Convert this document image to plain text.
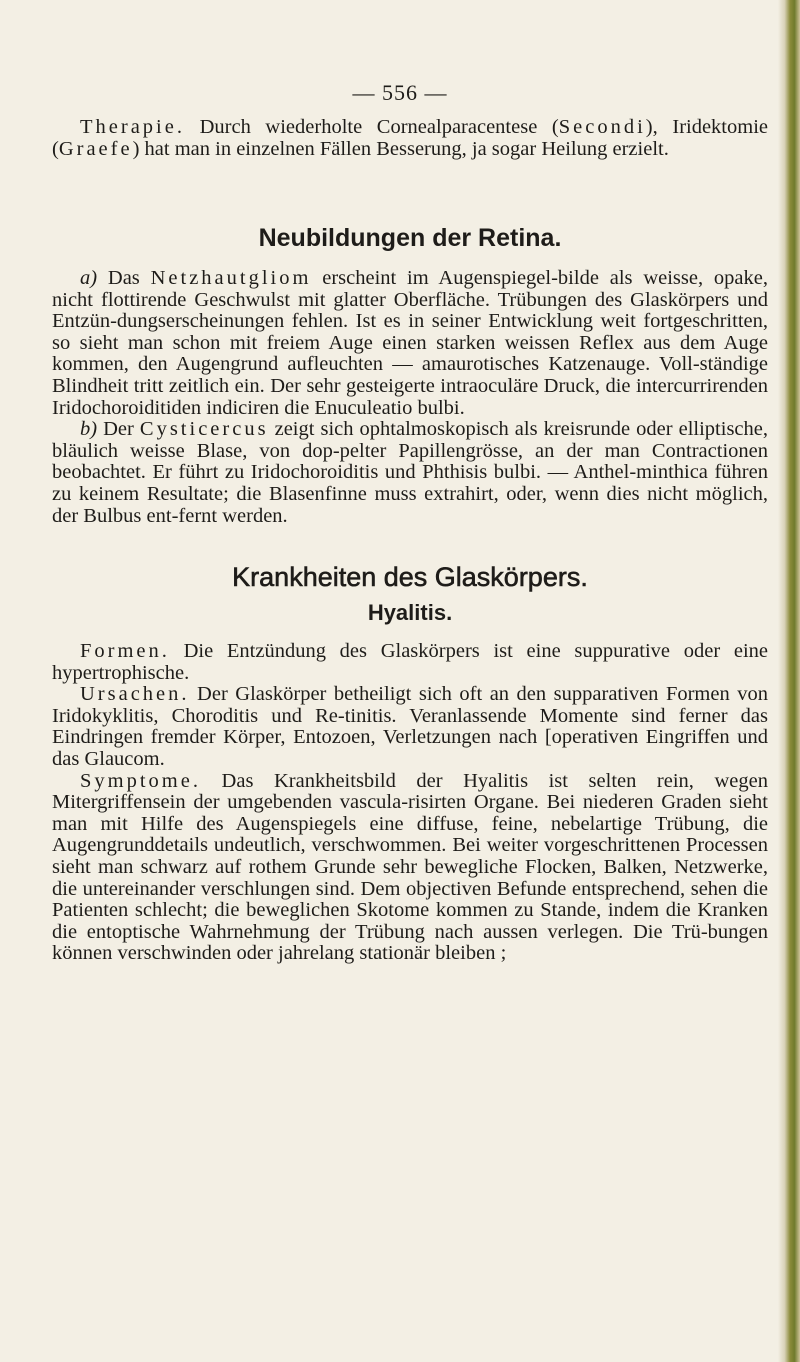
— 556 —

Therapie. Durch wiederholte Cornealparacentese (Secondi), Iridektomie (Graefe) hat man in einzelnen Fällen Besserung, ja sogar Heilung erzielt.

Neubildungen der Retina.

a) Das Netzhautgliom erscheint im Augenspiegel-bilde als weisse, opake, nicht flottirende Geschwulst mit glatter Oberfläche. Trübungen des Glaskörpers und Entzün-dungserscheinungen fehlen. Ist es in seiner Entwicklung weit fortgeschritten, so sieht man schon mit freiem Auge einen starken weissen Reflex aus dem Auge kommen, den Augengrund aufleuchten — amaurotisches Katzenauge. Voll-ständige Blindheit tritt zeitlich ein. Der sehr gesteigerte intraoculäre Druck, die intercurrirenden Iridochoroiditiden indiciren die Enuculeatio bulbi.

b) Der Cysticercus zeigt sich ophtalmoskopisch als kreisrunde oder elliptische, bläulich weisse Blase, von dop-pelter Papillengrösse, an der man Contractionen beobachtet. Er führt zu Iridochoroiditis und Phthisis bulbi. — Anthel-minthica führen zu keinem Resultate; die Blasenfinne muss extrahirt, oder, wenn dies nicht möglich, der Bulbus ent-fernt werden.

Krankheiten des Glaskörpers.
Hyalitis.

Formen. Die Entzündung des Glaskörpers ist eine suppurative oder eine hypertrophische.

Ursachen. Der Glaskörper betheiligt sich oft an den supparativen Formen von Iridokyklitis, Choroditis und Re-tinitis. Veranlassende Momente sind ferner das Eindringen fremder Körper, Entozoen, Verletzungen nach [operativen Eingriffen und das Glaucom.

Symptome. Das Krankheitsbild der Hyalitis ist selten rein, wegen Mitergriffensein der umgebenden vascula-risirten Organe. Bei niederen Graden sieht man mit Hilfe des Augenspiegels eine diffuse, feine, nebelartige Trübung, die Augengrunddetails undeutlich, verschwommen. Bei weiter vorgeschrittenen Processen sieht man schwarz auf rothem Grunde sehr bewegliche Flocken, Balken, Netzwerke, die untereinander verschlungen sind. Dem objectiven Befunde entsprechend, sehen die Patienten schlecht; die beweglichen Skotome kommen zu Stande, indem die Kranken die entoptische Wahrnehmung der Trübung nach aussen verlegen. Die Trü-bungen können verschwinden oder jahrelang stationär bleiben ;
